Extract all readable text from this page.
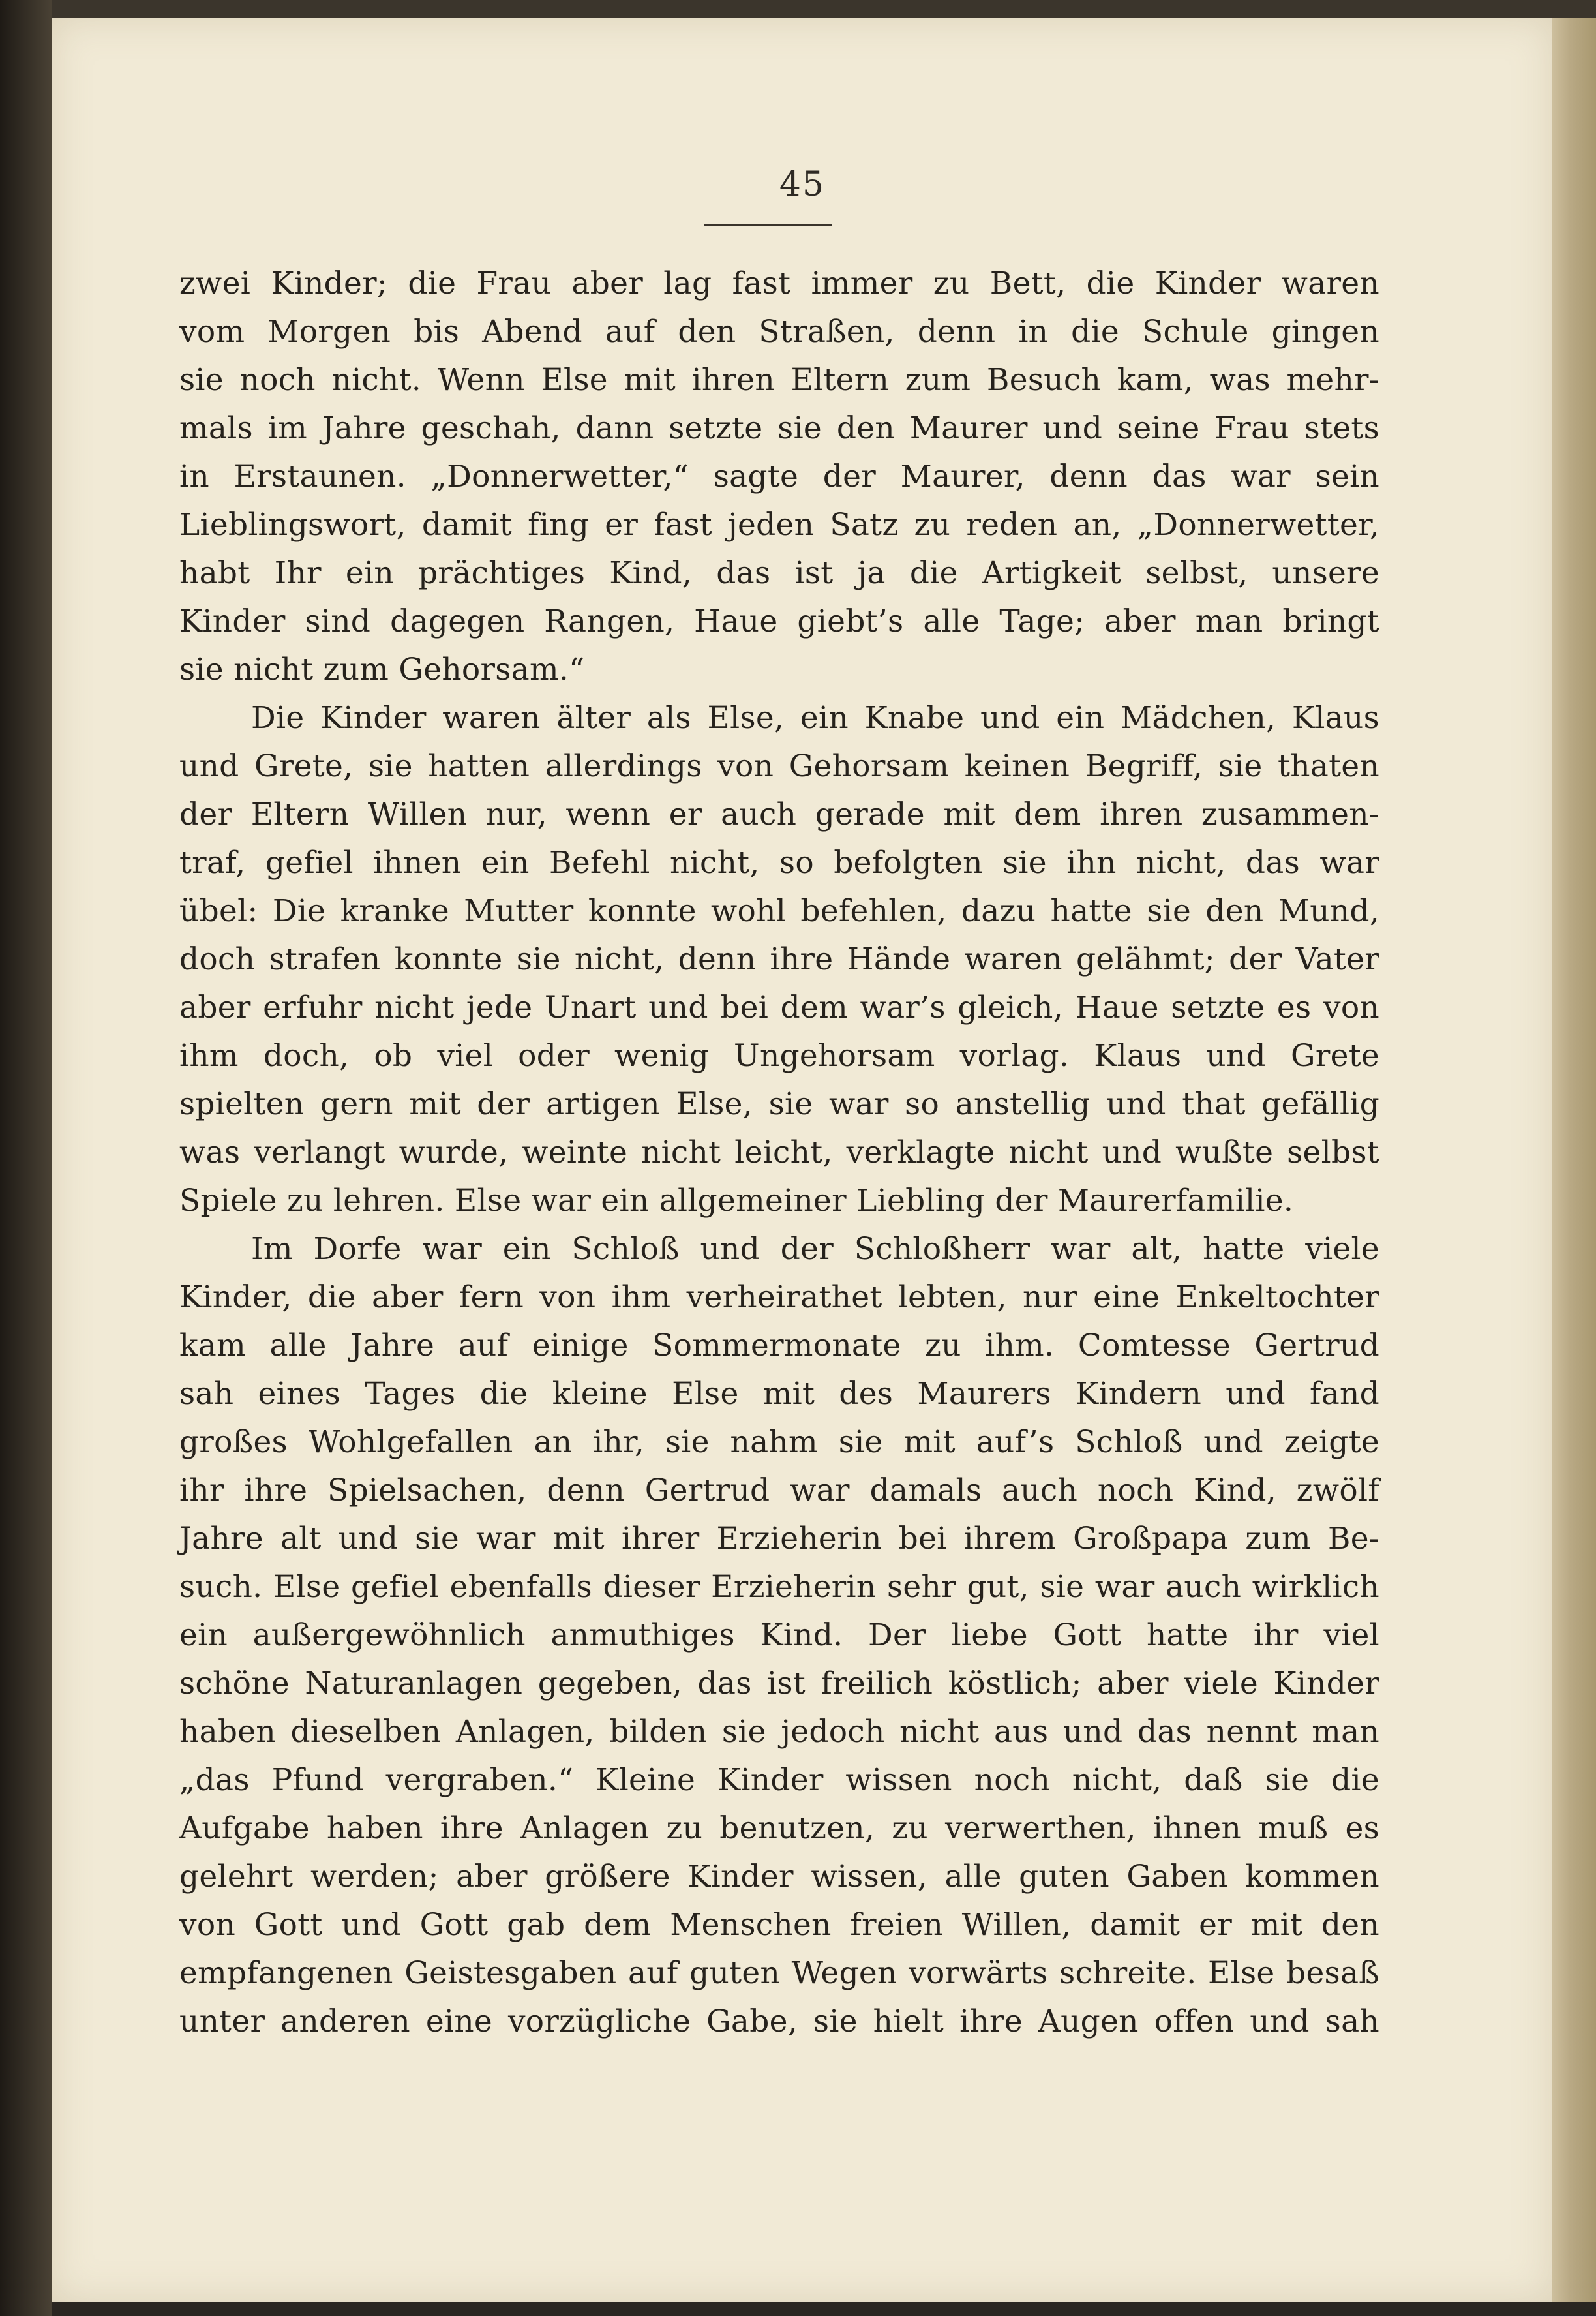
45
zwei Kinder; die Frau aber lag fast immer zu Bett, die Kinder waren
vom Morgen bis Abend auf den Straßen, denn in die Schule gingen
sie noch nicht. Wenn Else mit ihren Eltern zum Besuch kam, was mehr-
mals im Jahre geschah, dann setzte sie den Maurer und seine Frau stets
in Erstaunen. „Donnerwetter,“ sagte der Maurer, denn das war sein
Lieblingswort, damit fing er fast jeden Satz zu reden an, „Donnerwetter,
habt Ihr ein prächtiges Kind, das ist ja die Artigkeit selbst, unsere
Kinder sind dagegen Rangen, Haue giebt’s alle Tage; aber man bringt
sie nicht zum Gehorsam.“
Die Kinder waren älter als Else, ein Knabe und ein Mädchen, Klaus
und Grete, sie hatten allerdings von Gehorsam keinen Begriff, sie thaten
der Eltern Willen nur, wenn er auch gerade mit dem ihren zusammen-
traf, gefiel ihnen ein Befehl nicht, so befolgten sie ihn nicht, das war
übel: Die kranke Mutter konnte wohl befehlen, dazu hatte sie den Mund,
doch strafen konnte sie nicht, denn ihre Hände waren gelähmt; der Vater
aber erfuhr nicht jede Unart und bei dem war’s gleich, Haue setzte es von
ihm doch, ob viel oder wenig Ungehorsam vorlag. Klaus und Grete
spielten gern mit der artigen Else, sie war so anstellig und that gefällig
was verlangt wurde, weinte nicht leicht, verklagte nicht und wußte selbst
Spiele zu lehren. Else war ein allgemeiner Liebling der Maurerfamilie.
Im Dorfe war ein Schloß und der Schloßherr war alt, hatte viele
Kinder, die aber fern von ihm verheirathet lebten, nur eine Enkeltochter
kam alle Jahre auf einige Sommermonate zu ihm. Comtesse Gertrud
sah eines Tages die kleine Else mit des Maurers Kindern und fand
großes Wohlgefallen an ihr, sie nahm sie mit auf’s Schloß und zeigte
ihr ihre Spielsachen, denn Gertrud war damals auch noch Kind, zwölf
Jahre alt und sie war mit ihrer Erzieherin bei ihrem Großpapa zum Be-
such. Else gefiel ebenfalls dieser Erzieherin sehr gut, sie war auch wirklich
ein außergewöhnlich anmuthiges Kind. Der liebe Gott hatte ihr viel
schöne Naturanlagen gegeben, das ist freilich köstlich; aber viele Kinder
haben dieselben Anlagen, bilden sie jedoch nicht aus und das nennt man
„das Pfund vergraben.“ Kleine Kinder wissen noch nicht, daß sie die
Aufgabe haben ihre Anlagen zu benutzen, zu verwerthen, ihnen muß es
gelehrt werden; aber größere Kinder wissen, alle guten Gaben kommen
von Gott und Gott gab dem Menschen freien Willen, damit er mit den
empfangenen Geistesgaben auf guten Wegen vorwärts schreite. Else besaß
unter anderen eine vorzügliche Gabe, sie hielt ihre Augen offen und sah
